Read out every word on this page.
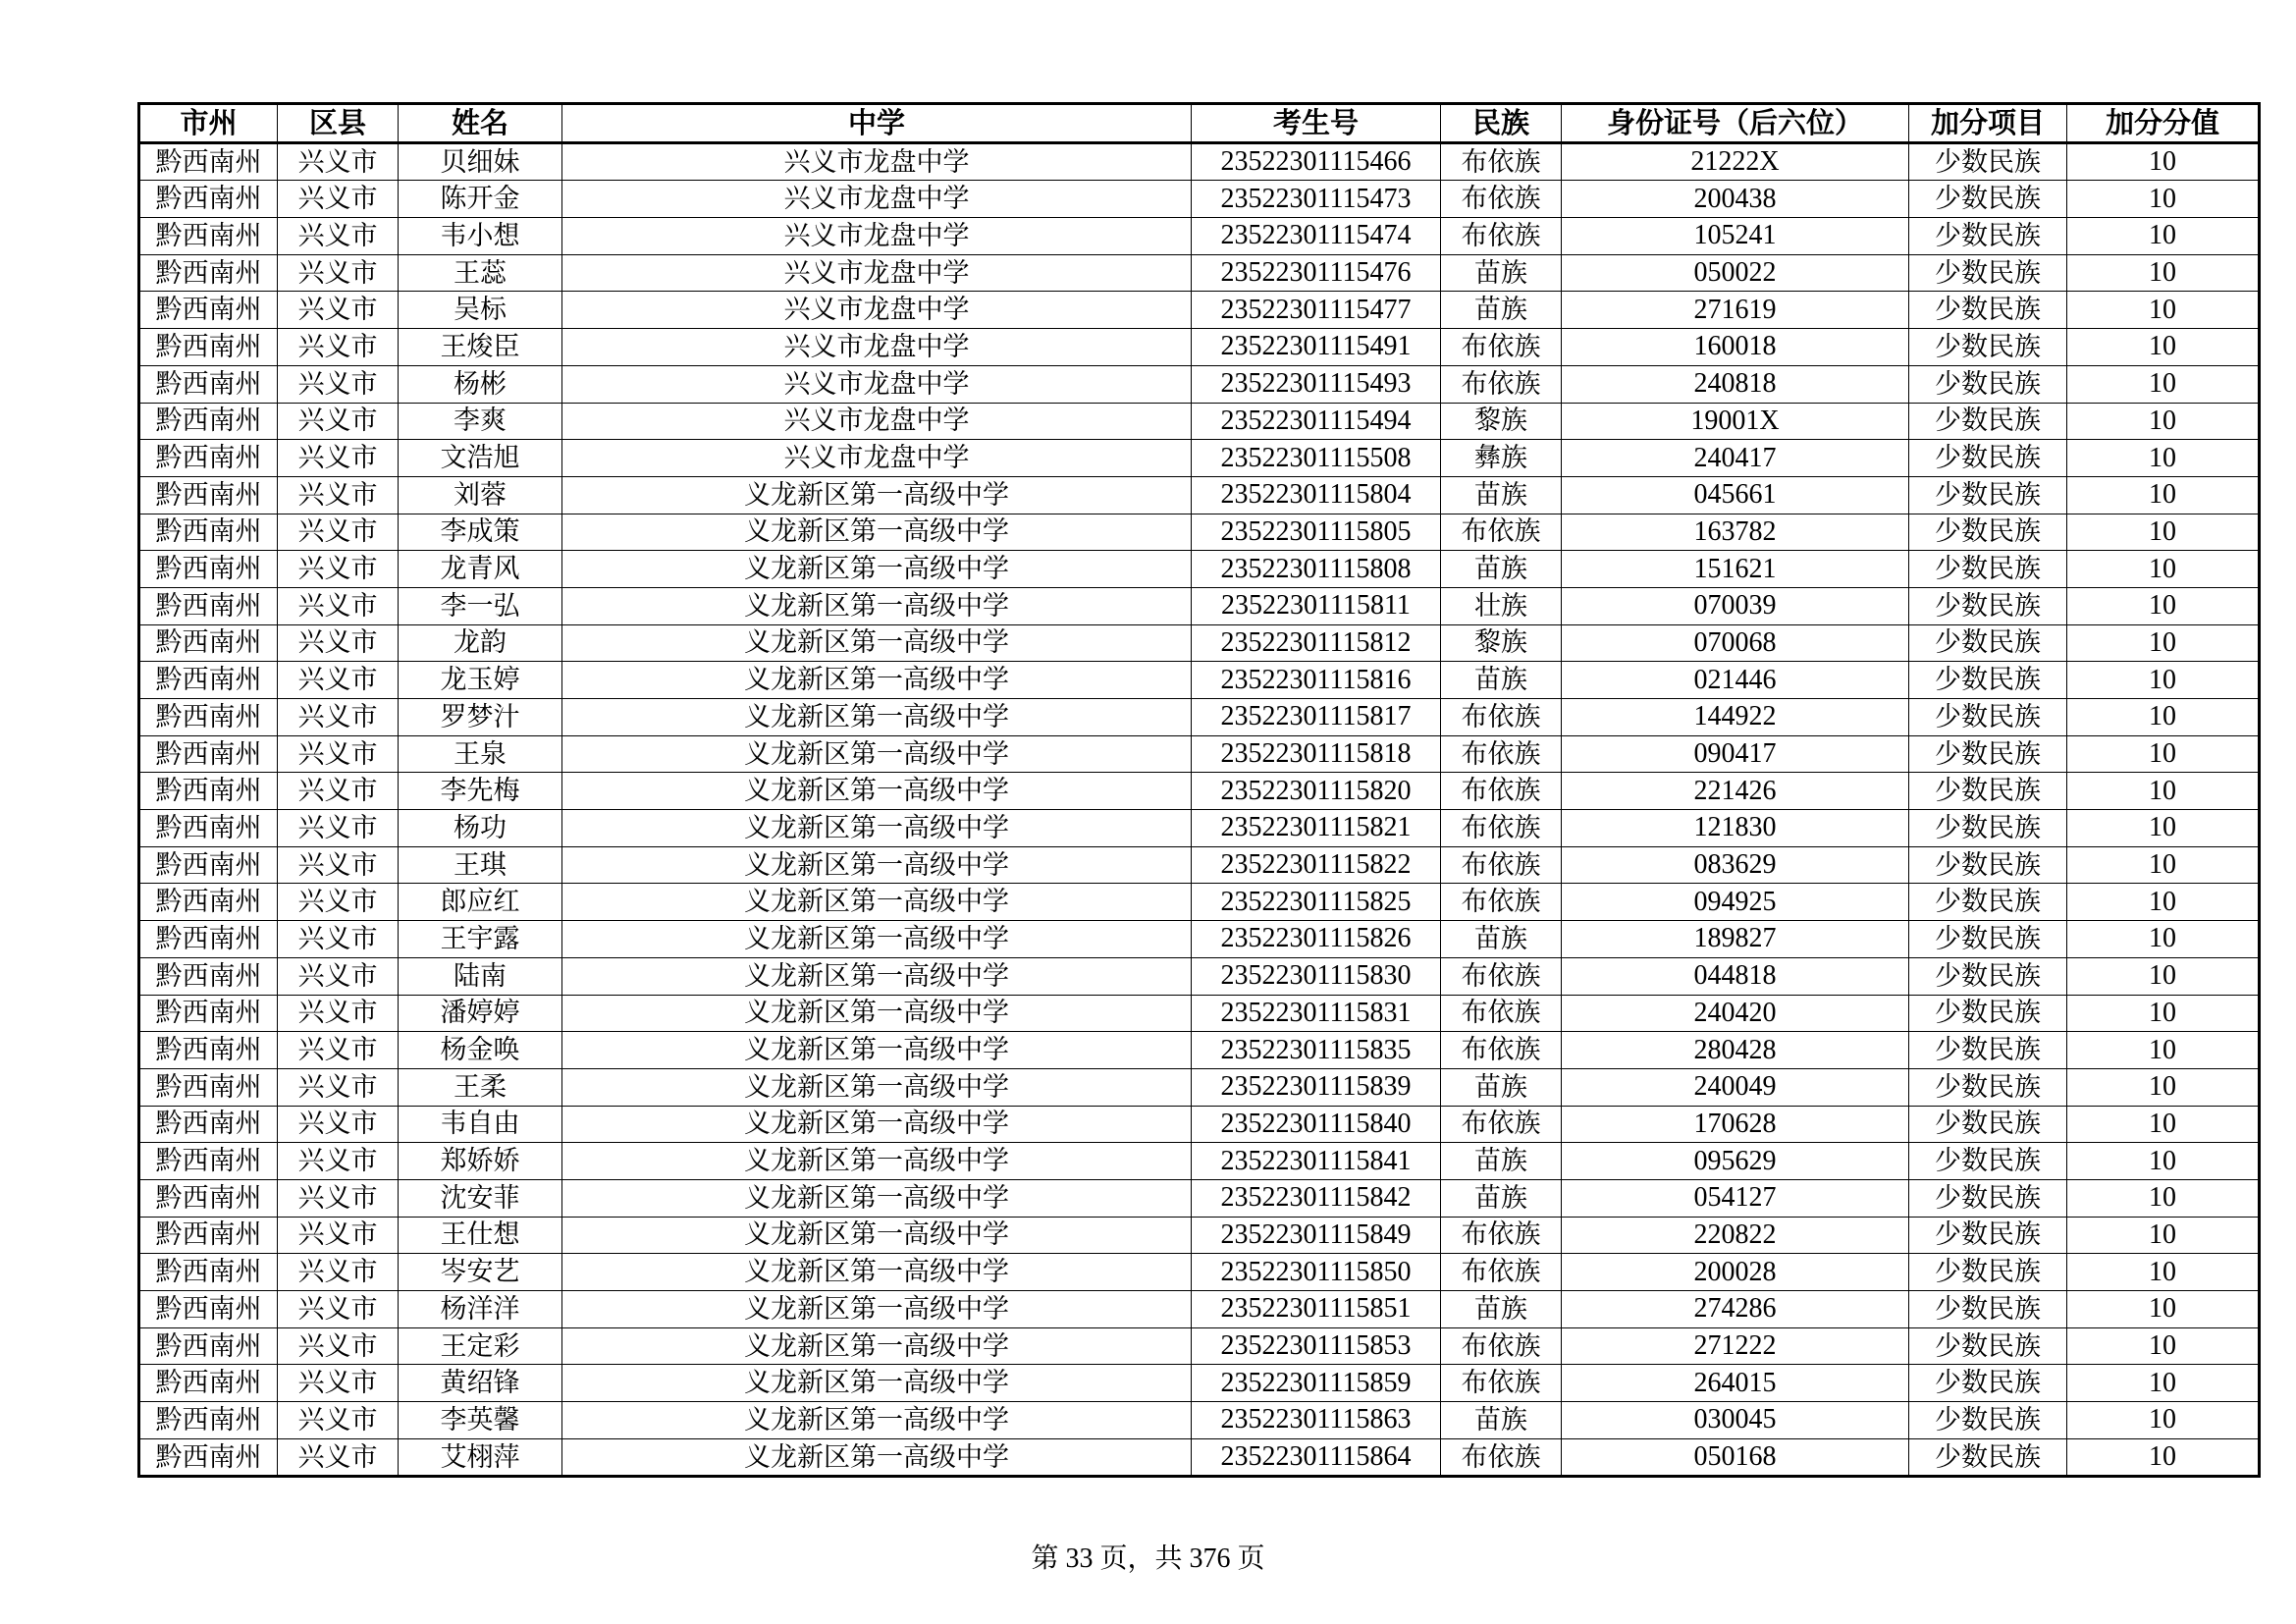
市州	区县	姓名	中学	考生号	民族	身份证号（后六位）	加分项目	加分分值
黔西南州	兴义市	贝细妹	兴义市龙盘中学	23522301115466	布依族	21222X	少数民族	10
黔西南州	兴义市	陈开金	兴义市龙盘中学	23522301115473	布依族	200438	少数民族	10
黔西南州	兴义市	韦小想	兴义市龙盘中学	23522301115474	布依族	105241	少数民族	10
黔西南州	兴义市	王蕊	兴义市龙盘中学	23522301115476	苗族	050022	少数民族	10
黔西南州	兴义市	吴标	兴义市龙盘中学	23522301115477	苗族	271619	少数民族	10
黔西南州	兴义市	王焌臣	兴义市龙盘中学	23522301115491	布依族	160018	少数民族	10
黔西南州	兴义市	杨彬	兴义市龙盘中学	23522301115493	布依族	240818	少数民族	10
黔西南州	兴义市	李爽	兴义市龙盘中学	23522301115494	黎族	19001X	少数民族	10
黔西南州	兴义市	文浩旭	兴义市龙盘中学	23522301115508	彝族	240417	少数民族	10
黔西南州	兴义市	刘蓉	义龙新区第一高级中学	23522301115804	苗族	045661	少数民族	10
黔西南州	兴义市	李成策	义龙新区第一高级中学	23522301115805	布依族	163782	少数民族	10
黔西南州	兴义市	龙青风	义龙新区第一高级中学	23522301115808	苗族	151621	少数民族	10
黔西南州	兴义市	李一弘	义龙新区第一高级中学	23522301115811	壮族	070039	少数民族	10
黔西南州	兴义市	龙韵	义龙新区第一高级中学	23522301115812	黎族	070068	少数民族	10
黔西南州	兴义市	龙玉婷	义龙新区第一高级中学	23522301115816	苗族	021446	少数民族	10
黔西南州	兴义市	罗梦汁	义龙新区第一高级中学	23522301115817	布依族	144922	少数民族	10
黔西南州	兴义市	王泉	义龙新区第一高级中学	23522301115818	布依族	090417	少数民族	10
黔西南州	兴义市	李先梅	义龙新区第一高级中学	23522301115820	布依族	221426	少数民族	10
黔西南州	兴义市	杨功	义龙新区第一高级中学	23522301115821	布依族	121830	少数民族	10
黔西南州	兴义市	王琪	义龙新区第一高级中学	23522301115822	布依族	083629	少数民族	10
黔西南州	兴义市	郎应红	义龙新区第一高级中学	23522301115825	布依族	094925	少数民族	10
黔西南州	兴义市	王宇露	义龙新区第一高级中学	23522301115826	苗族	189827	少数民族	10
黔西南州	兴义市	陆南	义龙新区第一高级中学	23522301115830	布依族	044818	少数民族	10
黔西南州	兴义市	潘婷婷	义龙新区第一高级中学	23522301115831	布依族	240420	少数民族	10
黔西南州	兴义市	杨金唤	义龙新区第一高级中学	23522301115835	布依族	280428	少数民族	10
黔西南州	兴义市	王柔	义龙新区第一高级中学	23522301115839	苗族	240049	少数民族	10
黔西南州	兴义市	韦自由	义龙新区第一高级中学	23522301115840	布依族	170628	少数民族	10
黔西南州	兴义市	郑娇娇	义龙新区第一高级中学	23522301115841	苗族	095629	少数民族	10
黔西南州	兴义市	沈安菲	义龙新区第一高级中学	23522301115842	苗族	054127	少数民族	10
黔西南州	兴义市	王仕想	义龙新区第一高级中学	23522301115849	布依族	220822	少数民族	10
黔西南州	兴义市	岑安艺	义龙新区第一高级中学	23522301115850	布依族	200028	少数民族	10
黔西南州	兴义市	杨洋洋	义龙新区第一高级中学	23522301115851	苗族	274286	少数民族	10
黔西南州	兴义市	王定彩	义龙新区第一高级中学	23522301115853	布依族	271222	少数民族	10
黔西南州	兴义市	黄绍锋	义龙新区第一高级中学	23522301115859	布依族	264015	少数民族	10
黔西南州	兴义市	李英馨	义龙新区第一高级中学	23522301115863	苗族	030045	少数民族	10
黔西南州	兴义市	艾栩萍	义龙新区第一高级中学	23522301115864	布依族	050168	少数民族	10
第 33 页，共 376 页
